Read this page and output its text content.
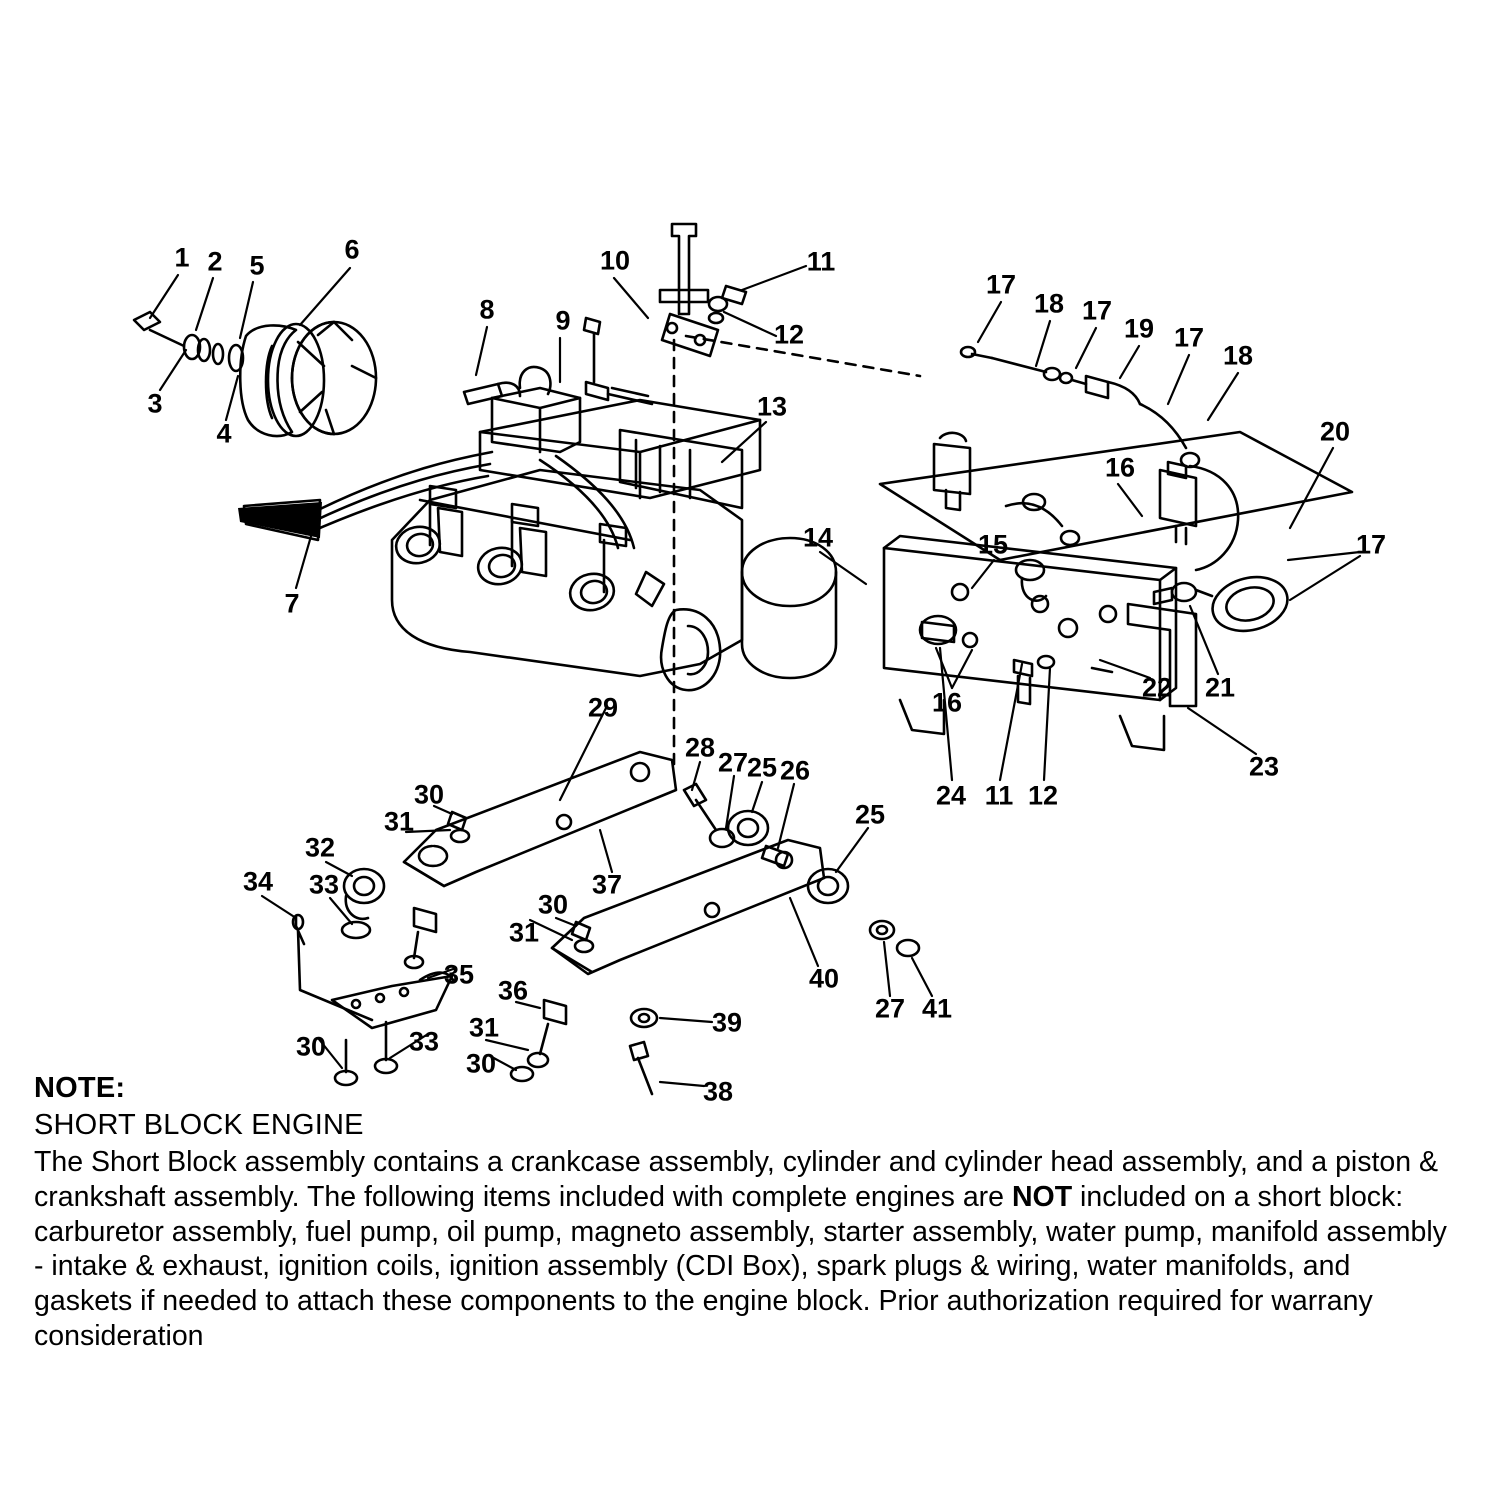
1 2 5
6
3
4
8 9
10	11
12
13
7
17
18 17
19 17
18
20
16
14	15	17
16	22 21
23
24 11 12
29
28 27
25 26
30
31
32
34 33
25
37
30
31
35
36	40
27 41
39
31
33
30
30
38
NOTE:
SHORT BLOCK ENGINE
The Short Block assembly contains a crankcase assembly, cylinder and cylinder head assembly, and a piston & crankshaft assembly. The following items included with complete engines are NOT included on a short block: carburetor assembly, fuel pump, oil pump, magneto assembly, starter assembly, water pump, manifold assembly - intake & exhaust, ignition coils, ignition assembly (CDI Box), spark plugs & wiring, water manifolds, and gaskets if needed to attach these components to the engine block. Prior authorization required for warrany consideration
